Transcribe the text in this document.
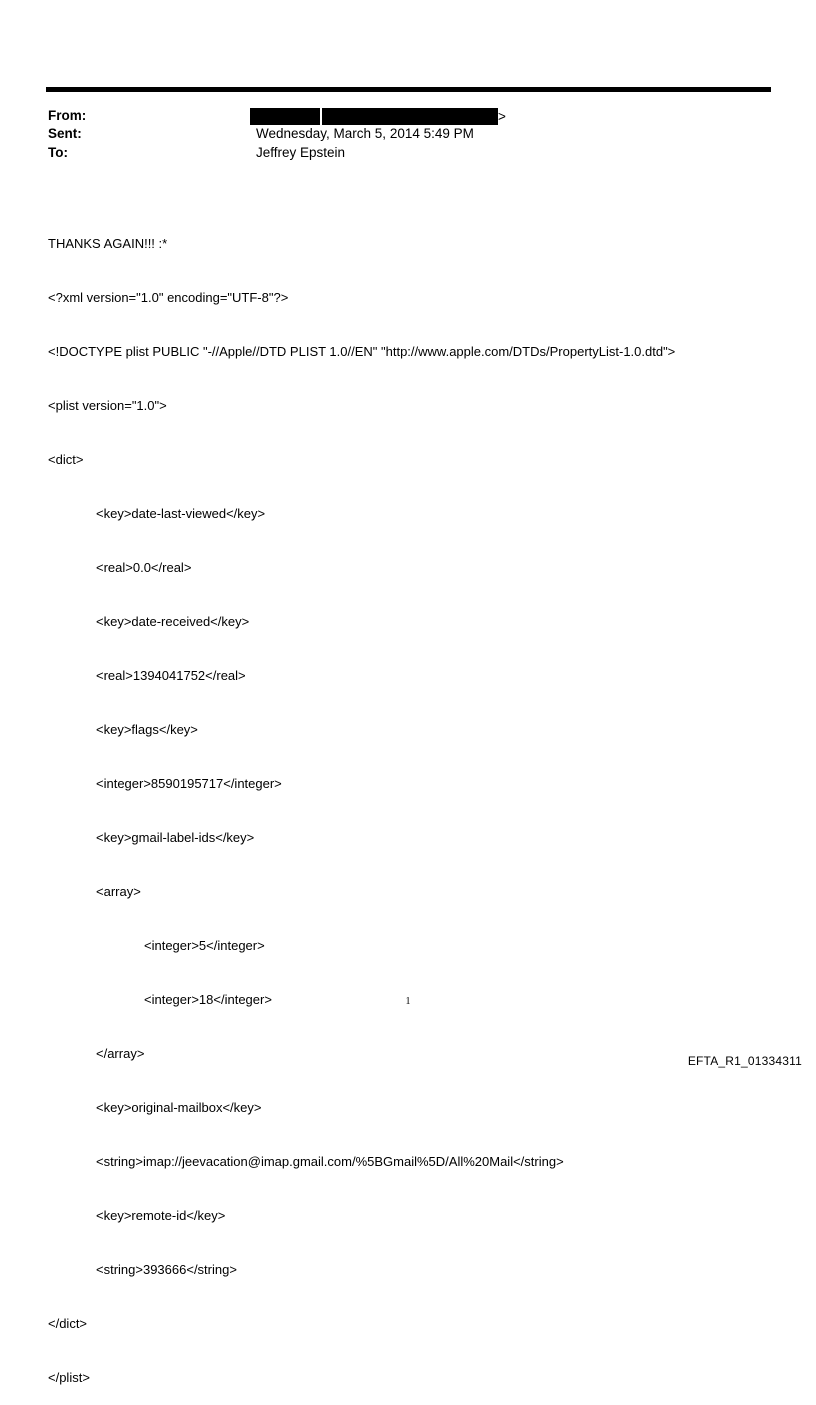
From:	>
Sent:	Wednesday, March 5, 2014 5:49 PM
To:	Jeffrey Epstein

THANKS AGAIN!!! :*

<?xml version="1.0" encoding="UTF-8"?>

<!DOCTYPE plist PUBLIC "-//Apple//DTD PLIST 1.0//EN" "http://www.apple.com/DTDs/PropertyList-1.0.dtd">

<plist version="1.0">

<dict>

<key>date-last-viewed</key>

<real>0.0</real>

<key>date-received</key>

<real>1394041752</real>

<key>flags</key>

<integer>8590195717</integer>

<key>gmail-label-ids</key>

<array>

<integer>5</integer>

<integer>18</integer>

</array>

<key>original-mailbox</key>

<string>imap://jeevacation@imap.gmail.com/%5BGmail%5D/All%20Mail</string>

<key>remote-id</key>

<string>393666</string>

</dict>

</plist>

1
EFTA_R1_01334311
